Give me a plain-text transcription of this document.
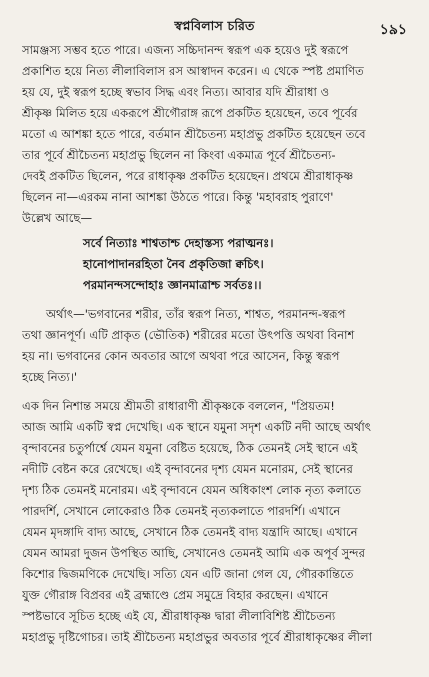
স্বপ্নবিলাস চরিত	১৯১

সামঞ্জস্য সম্ভব হতে পারে। এজন্য সচ্চিদানন্দ স্বরূপ এক হয়েও দুই স্বরূপে
প্রকাশিত হয়ে নিত্য লীলাবিলাস রস আস্বাদন করেন। এ থেকে স্পষ্ট প্রমাণিত
হয় যে, দুই স্বরূপ হচ্ছে স্বভাব সিদ্ধ এবং নিত্য। আবার যদি শ্রীরাধা ও
শ্রীকৃষ্ণ মিলিত হয়ে একরূপে শ্রীগৌরাঙ্গ রূপে প্রকটিত হয়েছেন, তবে পূর্বের
মতো এ আশঙ্কা হতে পারে, বর্তমান শ্রীচৈতন্য মহাপ্রভু প্রকটিত হয়েছেন তবে
তার পূর্বে শ্রীচৈতন্য মহাপ্রভু ছিলেন না কিংবা একমাত্র পূর্বে শ্রীচৈতন্য-
দেবই প্রকটিত ছিলেন, পরে রাধাকৃষ্ণ প্রকটিত হয়েছেন। প্রথমে শ্রীরাধাকৃষ্ণ
ছিলেন না—এরকম নানা আশঙ্কা উঠতে পারে। কিন্তু 'মহাবরাহ পুরাণে'
উল্লেখ আছে—

সর্বে নিত্যাঃ শাশ্বতাশ্চ দেহাস্তস্য পরাত্মনঃ।
হানোপাদানরহিতা নৈব প্রকৃতিজা ক্বচিৎ।
পরমানন্দসন্দোহাঃ জ্ঞানমাত্রাশ্চ সর্বতঃ।।

অর্থাৎ—'ভগবানের শরীর, তাঁর স্বরূপ নিত্য, শাশ্বত, পরমানন্দ-স্বরূপ
তথা জ্ঞানপূর্ণ। এটি প্রাকৃত (ভৌতিক) শরীরের মতো উৎপত্তি অথবা বিনাশ
হয় না। ভগবানের কোন অবতার আগে অথবা পরে আসেন, কিন্তু স্বরূপ
হচ্ছে নিত্য।'

এক দিন নিশান্ত সময়ে শ্রীমতী রাধারাণী শ্রীকৃষ্ণকে বললেন, "প্রিয়তম!
আজ আমি একটি স্বপ্ন দেখেছি। এক স্থানে যমুনা সদৃশ একটি নদী আছে অর্থাৎ
বৃন্দাবনের চতুর্পার্শ্বে যেমন যমুনা বেষ্টিত হয়েছে, ঠিক তেমনই সেই স্থানে এই
নদীটি বেষ্টন করে রেখেছে। এই বৃন্দাবনের দৃশ্য যেমন মনোরম, সেই স্থানের
দৃশ্য ঠিক তেমনই মনোরম। এই বৃন্দাবনে যেমন অধিকাংশ লোক নৃত্য কলাতে
পারদর্শি, সেখানে লোকেরাও ঠিক তেমনই নৃত্যকলাতে পারদর্শি। এখানে
যেমন মৃদঙ্গাদি বাদ্য আছে, সেখানে ঠিক তেমনই বাদ্য যন্ত্রাদি আছে। এখানে
যেমন আমরা দুজন উপস্থিত আছি, সেখানেও তেমনই আমি এক অপূর্ব সুন্দর
কিশোর দ্বিজমণিকে দেখেছি। সত্যি যেন এটি জানা গেল যে, গৌরকান্তিতে
যুক্ত গৌরাঙ্গ বিপ্রবর এই ব্রহ্মাণ্ডে প্রেম সমুদ্রে বিহার করছেন। এখানে
স্পষ্টভাবে সূচিত হচ্ছে এই যে, শ্রীরাধাকৃষ্ণ দ্বারা লীলাবিশিষ্ট শ্রীচৈতন্য
মহাপ্রভু দৃষ্টিগোচর। তাই শ্রীচৈতন্য মহাপ্রভুর অবতার পূর্বে শ্রীরাধাকৃষ্ণের লীলা
